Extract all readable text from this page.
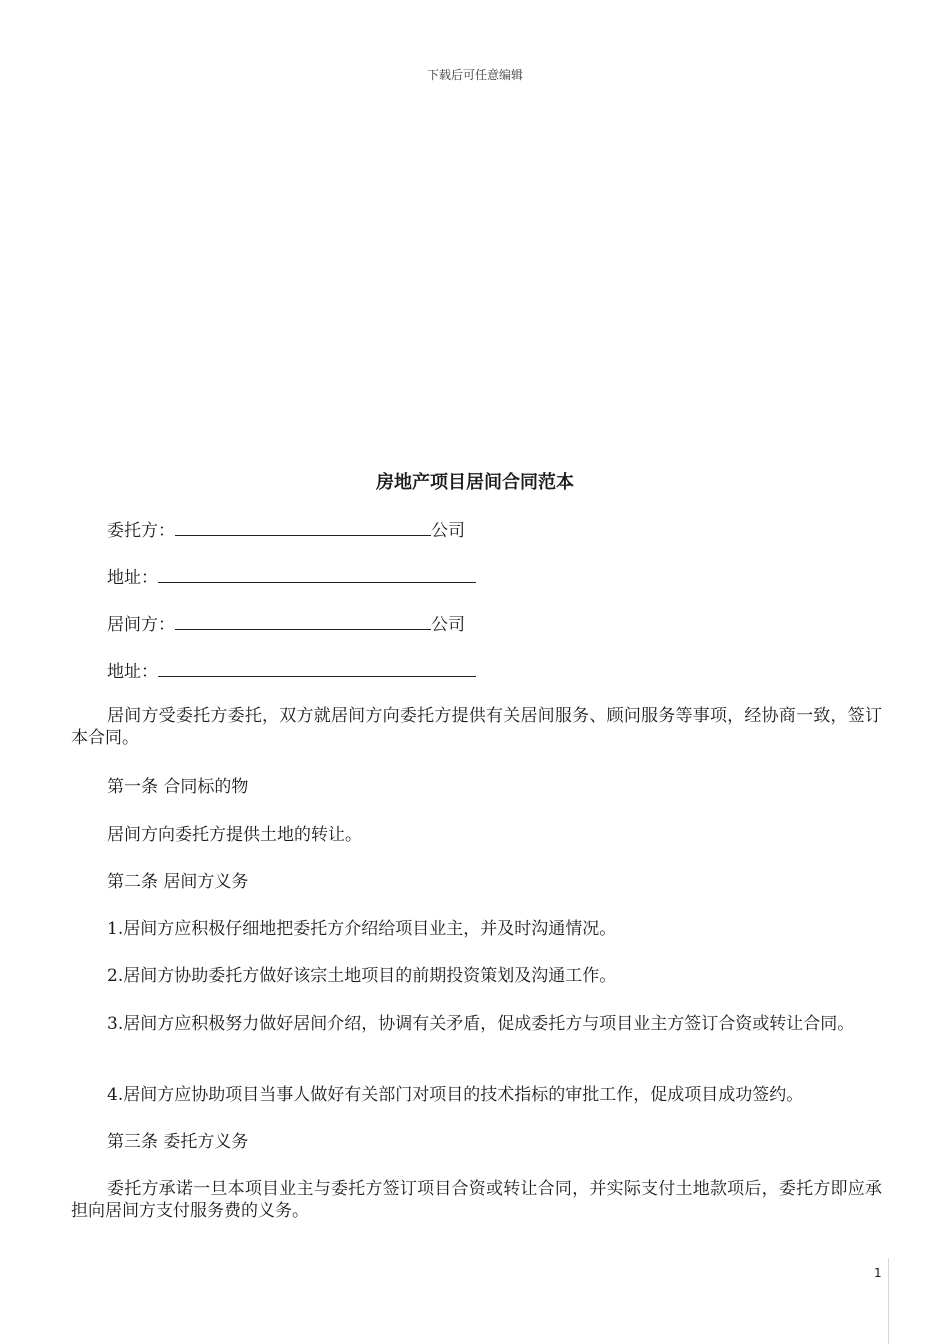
下载后可任意编辑
房地产项目居间合同范本
委托方：	公司
地址：
居间方：	公司
地址：
居间方受委托方委托，双方就居间方向委托方提供有关居间服务、顾问服务等事项，经协商一致，签订本合同。
第一条 合同标的物
居间方向委托方提供土地的转让。
第二条 居间方义务
1.居间方应积极仔细地把委托方介绍给项目业主，并及时沟通情况。
2.居间方协助委托方做好该宗土地项目的前期投资策划及沟通工作。
3.居间方应积极努力做好居间介绍，协调有关矛盾，促成委托方与项目业主方签订合资或转让合同。
4.居间方应协助项目当事人做好有关部门对项目的技术指标的审批工作，促成项目成功签约。
第三条 委托方义务
委托方承诺一旦本项目业主与委托方签订项目合资或转让合同，并实际支付土地款项后，委托方即应承担向居间方支付服务费的义务。
1
